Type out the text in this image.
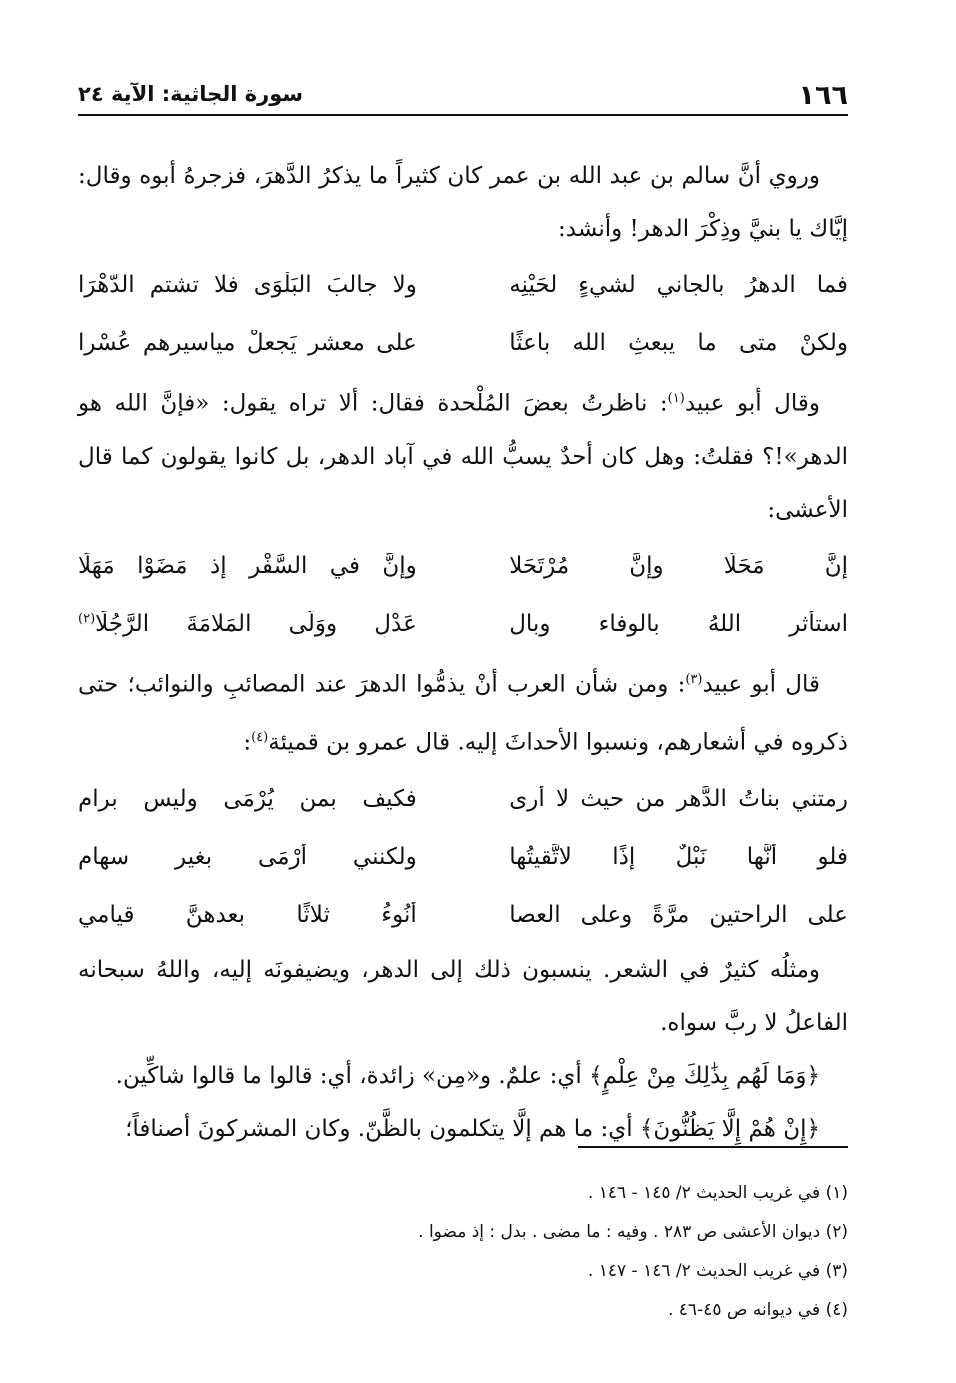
١٦٦
سورة الجاثية: الآية ٢٤

وروي أنَّ سالم بن عبد الله بن عمر كان كثيراً ما يذكرُ الدَّهرَ، فزجرهُ أبوه وقال: إيَّاك يا بنيَّ وذِكْرَ الدهر! وأنشد:

فما الدهرُ بالجاني لشيءٍ لحَيْنِه
ولا جالبَ البَلْوَى فلا تشتم الدّهْرَا
ولكنْ متى ما يبعثِ الله باعثًا
على معشرٍ يَجعلْ مياسيرهم عُسْرا

وقال أبو عبيد$^{(١)}$: ناظرتُ بعضَ المُلْحدة فقال: ألا تراه يقول: «فإنَّ الله هو الدهر»!؟ فقلتُ: وهل كان أحدٌ يسبُّ الله في آباد الدهر، بل كانوا يقولون كما قال الأعشى:

إنَّ مَحَلًّا وإنَّ مُرْتَحَلا
وإنَّ في السَّفْرِ إذ مَضَوْا مَهَلَا
استأثر اللهُ بالوفاء وبال
عَدْلِ ووَلَّى المَلامَةَ الرَّجُلَا$^{(٢)}$

قال أبو عبيد$^{(٣)}$: ومن شأن العرب أنْ يذمُّوا الدهرَ عند المصائبِ والنوائب؛ حتى ذكروه في أشعارهم، ونسبوا الأحداثَ إليه. قال عمرو بن قميئة$^{(٤)}$:

رمتني بناتُ الدَّهر من حيث لا أرى
فكيف بمن يُرْمَى وليس برامِ
فلو أنَّها نَبْلٌ إذًا لاتَّقيتُها
ولكنني أُرْمَى بغير سهامِ
على الراحتين مرَّةً وعلى العصا
أَنُوءُ ثلاثًا بعدهنَّ قيامي

ومثلُه كثيرٌ في الشعر. ينسبون ذلك إلى الدهر، ويضيفونَه إليه، واللهُ سبحانه الفاعلُ لا ربَّ سواه.

﴿وَمَا لَهُم بِذَٰلِكَ مِنْ عِلْمٍ﴾ أي: علمٌ. و«مِن» زائدة، أي: قالوا ما قالوا شاكِّين.

﴿إِنْ هُمْ إِلَّا يَظُنُّونَ﴾ أي: ما هم إلَّا يتكلمون بالظَّنّ. وكان المشركونَ أصنافاً؛

(١) في غريب الحديث ٢/ ١٤٥ - ١٤٦ .

(٢) ديوان الأعشى ص ٢٨٣ . وفيه : ما مضى . بدل : إذ مضوا .

(٣) في غريب الحديث ٢/ ١٤٦ - ١٤٧ .

(٤) في ديوانه ص ٤٥-٤٦ .
